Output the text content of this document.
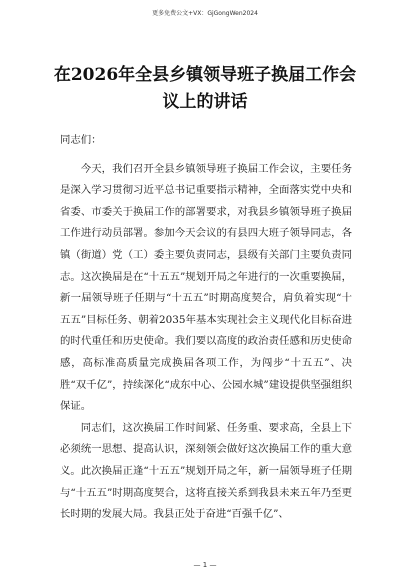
更多免费公文+VX：GjGongWen2024
在2026年全县乡镇领导班子换届工作会
议上的讲话

同志们：

今天，我们召开全县乡镇领导班子换届工作会议，主要任务是深入学习贯彻习近平总书记重要指示精神，全面落实党中央和省委、市委关于换届工作的部署要求，对我县乡镇领导班子换届工作进行动员部署。参加今天会议的有县四大班子领导同志，各镇（街道）党（工）委主要负责同志，县级有关部门主要负责同志。这次换届是在“十五五”规划开局之年进行的一次重要换届，新一届领导班子任期与“十五五”时期高度契合，肩负着实现“十五五”目标任务、朝着2035年基本实现社会主义现代化目标奋进的时代重任和历史使命。我们要以高度的政治责任感和历史使命感，高标准高质量完成换届各项工作，为闯步“十五五”、决胜“双千亿”，持续深化“成东中心、公园水城”建设提供坚强组织保证。

同志们，这次换届工作时间紧、任务重、要求高，全县上下必须统一思想、提高认识，深刻领会做好这次换届工作的重大意义。此次换届正逢“十五五”规划开局之年，新一届领导班子任期与“十五五”时期高度契合，这将直接关系到我县未来五年乃至更长时期的发展大局。我县正处于奋进“百强千亿”、

— 1 —
